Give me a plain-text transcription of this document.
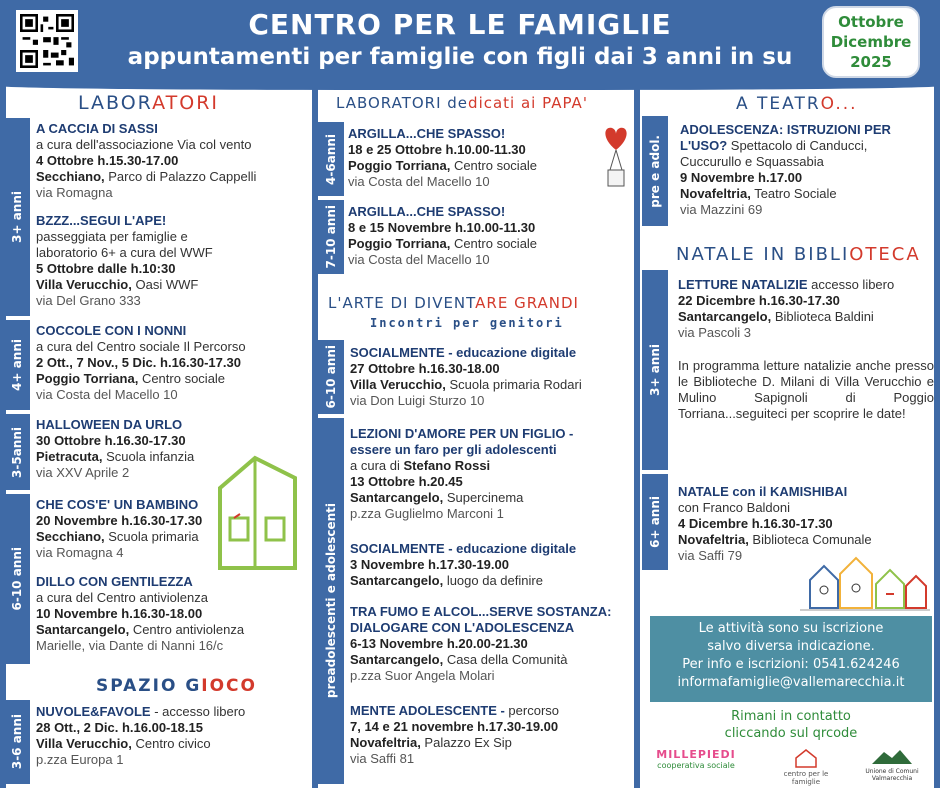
CENTRO PER LE FAMIGLIE
appuntamenti per famiglie con figli dai 3 anni in su
Ottobre
Dicembre
2025
LABORATORI
3+ anni
A CACCIA DI SASSI
a cura dell'associazione Via col vento
4 Ottobre h.15.30-17.00
Secchiano, Parco di Palazzo Cappelli
via Romagna
BZZZ...SEGUI L'APE!
passeggiata per famiglie e
laboratorio 6+ a cura del WWF
5 Ottobre dalle h.10:30
Villa Verucchio, Oasi WWF
via Del Grano 333
4+ anni
COCCOLE CON I NONNI
a cura del Centro sociale Il Percorso
2 Ott., 7 Nov., 5 Dic. h.16.30-17.30
Poggio Torriana, Centro sociale
via Costa del Macello 10
3-5anni
HALLOWEEN DA URLO
30 Ottobre h.16.30-17.30
Pietracuta, Scuola infanzia
via XXV Aprile 2
6-10 anni
CHE COS'E' UN BAMBINO
20 Novembre h.16.30-17.30
Secchiano, Scuola primaria
via Romagna 4
DILLO CON GENTILEZZA
a cura del Centro antiviolenza
10 Novembre h.16.30-18.00
Santarcangelo, Centro antiviolenza
Marielle, via Dante di Nanni 16/c
SPAZIO GIOCO
3-6 anni
NUVOLE&FAVOLE - accesso libero
28 Ott., 2 Dic. h.16.00-18.15
Villa Verucchio, Centro civico
p.zza Europa 1
LABORATORI dedicati ai PAPA'
4-6anni ARGILLA...CHE SPASSO!
18 e 25 Ottobre h.10.00-11.30
Poggio Torriana, Centro sociale
via Costa del Macello 10
7-10 anni ARGILLA...CHE SPASSO!
8 e 15 Novembre h.10.00-11.30
Poggio Torriana, Centro sociale
via Costa del Macello 10
L'ARTE DI DIVENTARE GRANDI
Incontri per genitori
6-10 anni SOCIALMENTE - educazione digitale
27 Ottobre h.16.30-18.00
Villa Verucchio, Scuola primaria Rodari
via Don Luigi Sturzo 10
preadolescenti e adolescenti
LEZIONI D'AMORE PER UN FIGLIO -
essere un faro per gli adolescenti
a cura di Stefano Rossi
13 Ottobre h.20.45
Santarcangelo, Supercinema
p.zza Guglielmo Marconi 1
SOCIALMENTE - educazione digitale
3 Novembre h.17.30-19.00
Santarcangelo, luogo da definire
TRA FUMO E ALCOL...SERVE SOSTANZA:
DIALOGARE CON L'ADOLESCENZA
6-13 Novembre h.20.00-21.30
Santarcangelo, Casa della Comunità
p.zza Suor Angela Molari
MENTE ADOLESCENTE - percorso
7, 14 e 21 novembre h.17.30-19.00
Novafeltria, Palazzo Ex Sip
via Saffi 81
A TEATRO...
pre e adol.
ADOLESCENZA: ISTRUZIONI PER
L'USO? Spettacolo di Canducci,
Cuccurullo e Squassabia
9 Novembre h.17.00
Novafeltria, Teatro Sociale
via Mazzini 69
NATALE IN BIBLIOTECA
3+ anni
LETTURE NATALIZIE accesso libero
22 Dicembre h.16.30-17.30
Santarcangelo, Biblioteca Baldini
via Pascoli 3
In programma letture natalizie anche presso le Biblioteche D. Milani di Villa Verucchio e Mulino Sapignoli di Poggio Torriana...seguiteci per scoprire le date!
6+ anni
NATALE con il KAMISHIBAI
con Franco Baldoni
4 Dicembre h.16.30-17.30
Novafeltria, Biblioteca Comunale
via Saffi 79
Le attività sono su iscrizione
salvo diversa indicazione.
Per info e iscrizioni: 0541.624246
informafamiglie@vallemarecchia.it
Rimani in contatto
cliccando sul qrcode
MILLEPIEDI
cooperativa sociale
centro per le famiglie
Unione di Comuni Valmarecchia
